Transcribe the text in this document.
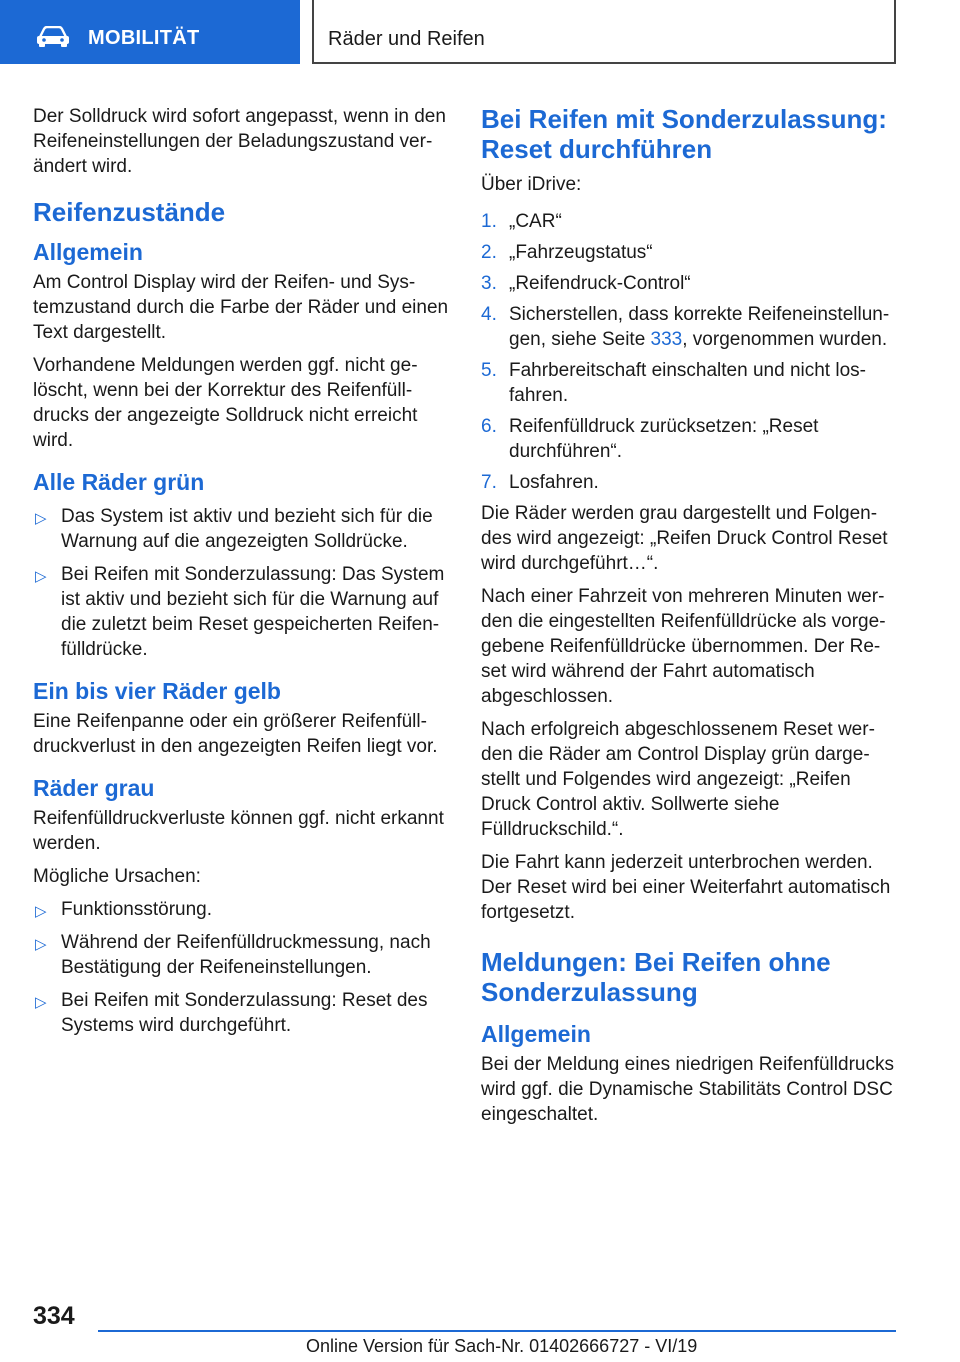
MOBILITÄT	Räder und Reifen

Der Solldruck wird sofort angepasst, wenn in den Reifeneinstellungen der Beladungszustand verändert wird.

Reifenzustände
Allgemein

Am Control Display wird der Reifen- und Systemzustand durch die Farbe der Räder und einen Text dargestellt.

Vorhandene Meldungen werden ggf. nicht gelöscht, wenn bei der Korrektur des Reifenfülldrucks der angezeigte Solldruck nicht erreicht wird.

Alle Räder grün
▷ Das System ist aktiv und bezieht sich für die Warnung auf die angezeigten Solldrücke.
▷ Bei Reifen mit Sonderzulassung: Das System ist aktiv und bezieht sich für die Warnung auf die zuletzt beim Reset gespeicherten Reifenfülldrücke.
Ein bis vier Räder gelb

Eine Reifenpanne oder ein größerer Reifenfülldruckverlust in den angezeigten Reifen liegt vor.

Räder grau

Reifenfülldruckverluste können ggf. nicht erkannt werden.

Mögliche Ursachen:

▷ Funktionsstörung.
▷ Während der Reifenfülldruckmessung, nach Bestätigung der Reifeneinstellungen.
▷ Bei Reifen mit Sonderzulassung: Reset des Systems wird durchgeführt.
Bei Reifen mit Sonderzulassung: Reset durchführen

Über iDrive:

1. „CAR“
2. „Fahrzeugstatus“
3. „Reifendruck-Control“
4. Sicherstellen, dass korrekte Reifeneinstellungen, siehe Seite 333, vorgenommen wurden.
5. Fahrbereitschaft einschalten und nicht losfahren.
6. Reifenfülldruck zurücksetzen: „Reset durchführen“.
7. Losfahren.

Die Räder werden grau dargestellt und Folgendes wird angezeigt: „Reifen Druck Control Reset wird durchgeführt…“.

Nach einer Fahrzeit von mehreren Minuten werden die eingestellten Reifenfülldrücke als vorgegebene Reifenfülldrücke übernommen. Der Reset wird während der Fahrt automatisch abgeschlossen.

Nach erfolgreich abgeschlossenem Reset werden die Räder am Control Display grün dargestellt und Folgendes wird angezeigt: „Reifen Druck Control aktiv. Sollwerte siehe Fülldruckschild.“.

Die Fahrt kann jederzeit unterbrochen werden. Der Reset wird bei einer Weiterfahrt automatisch fortgesetzt.

Meldungen: Bei Reifen ohne Sonderzulassung
Allgemein

Bei der Meldung eines niedrigen Reifenfülldrucks wird ggf. die Dynamische Stabilitäts Control DSC eingeschaltet.

334
Online Version für Sach-Nr. 01402666727 - VI/19
